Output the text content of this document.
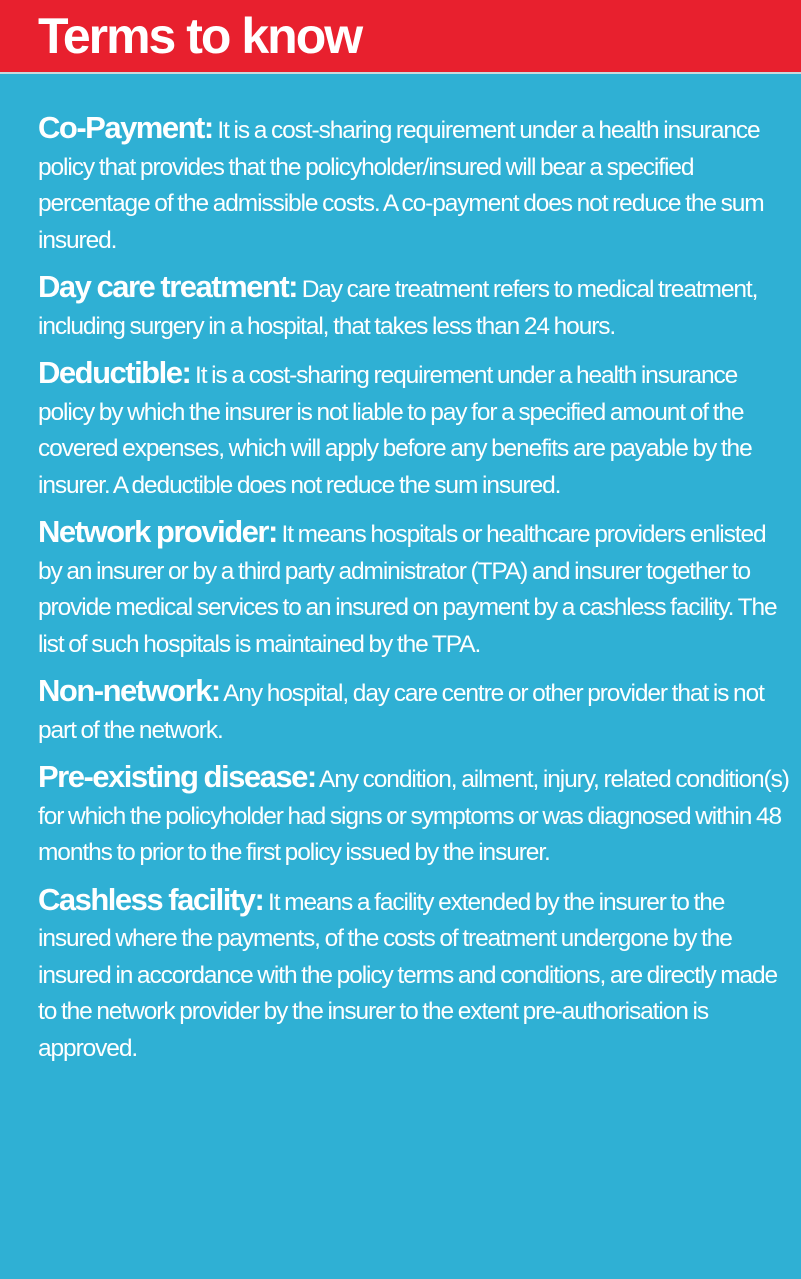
Terms to know
Co-Payment: It is a cost-sharing requirement under a health insurance policy that provides that the policyholder/insured will bear a specified percentage of the admissible costs. A co-payment does not reduce the sum insured.
Day care treatment: Day care treatment refers to medical treatment, including surgery in a hospital, that takes less than 24 hours.
Deductible: It is a cost-sharing requirement under a health insurance policy by which the insurer is not liable to pay for a specified amount of the covered expenses, which will apply before any benefits are payable by the insurer. A deductible does not reduce the sum insured.
Network provider: It means hospitals or healthcare providers enlisted by an insurer or by a third party administrator (TPA) and insurer together to provide medical services to an insured on payment by a cashless facility. The list of such hospitals is maintained by the TPA.
Non-network: Any hospital, day care centre or other provider that is not part of the network.
Pre-existing disease: Any condition, ailment, injury, related condition(s) for which the policyholder had signs or symptoms or was diagnosed within 48 months to prior to the first policy issued by the insurer.
Cashless facility: It means a facility extended by the insurer to the insured where the payments, of the costs of treatment undergone by the insured in accordance with the policy terms and conditions, are directly made to the network provider by the insurer to the extent pre-authorisation is approved.
